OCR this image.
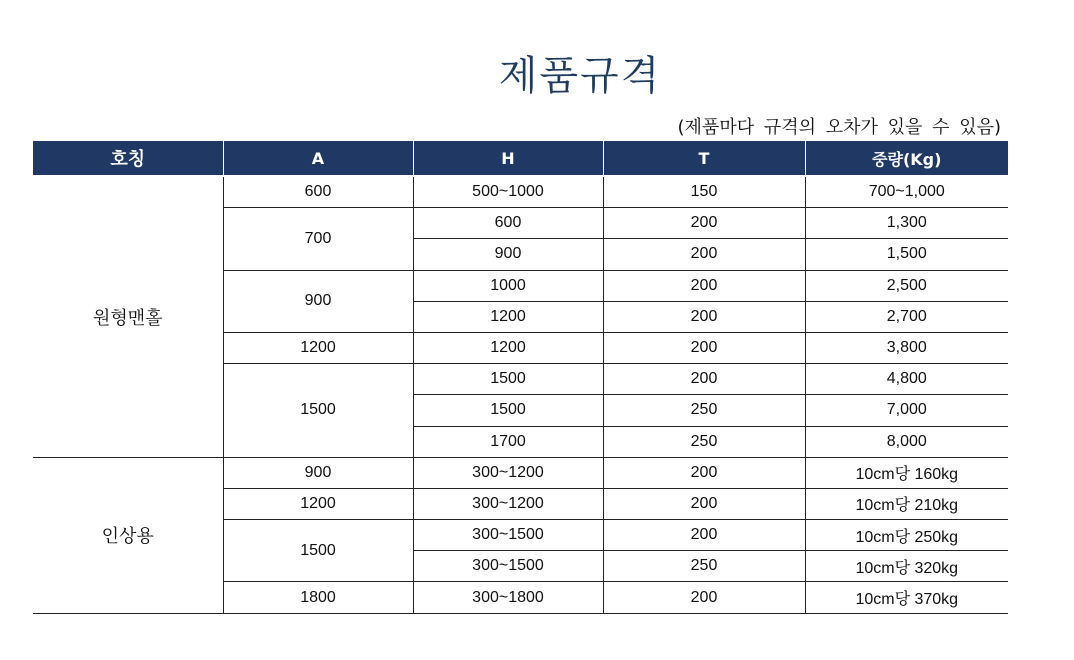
제품규격
(제품마다 규격의 오차가 있을 수 있음)
호칭	A	H	T	중량(Kg)
원형맨홀	600	500~1000	150	700~1,000
	700	600	200	1,300
		900	200	1,500
	900	1000	200	2,500
		1200	200	2,700
	1200	1200	200	3,800
	1500	1500	200	4,800
		1500	250	7,000
		1700	250	8,000
인상용	900	300~1200	200	10cm당 160kg
	1200	300~1200	200	10cm당 210kg
	1500	300~1500	200	10cm당 250kg
		300~1500	250	10cm당 320kg
	1800	300~1800	200	10cm당 370kg
